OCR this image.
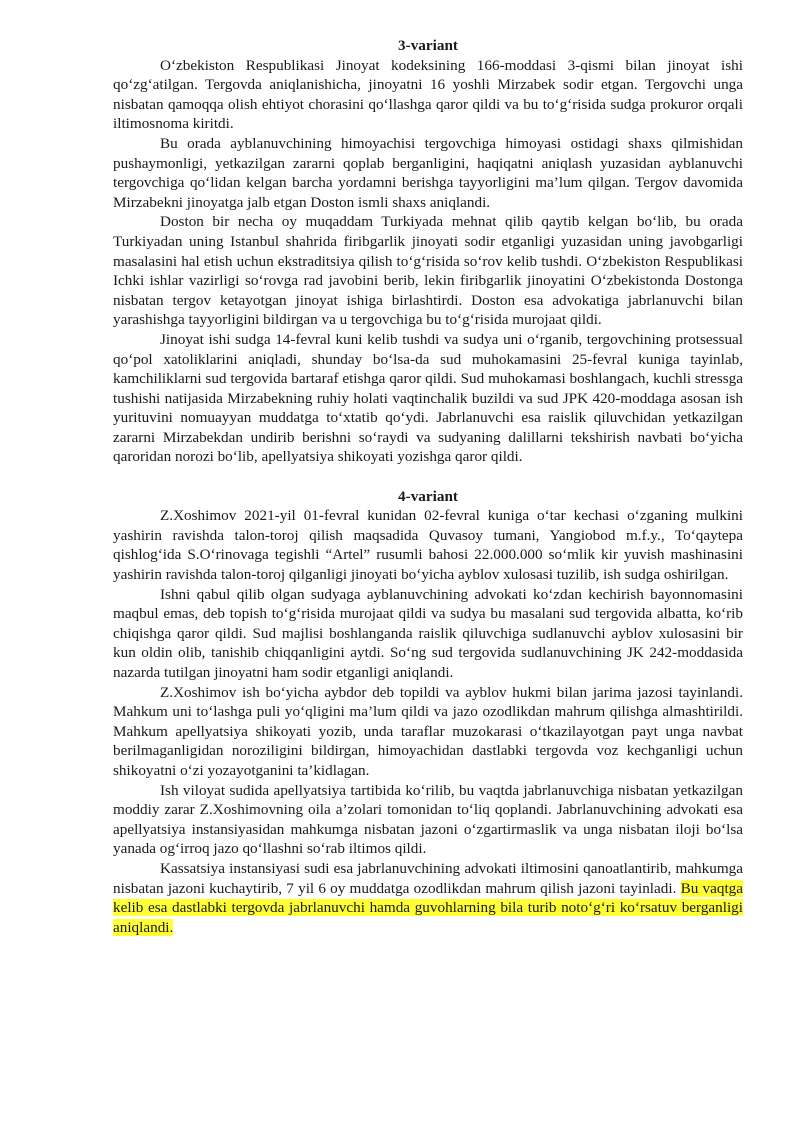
3-variant

O‘zbekiston Respublikasi Jinoyat kodeksining 166-moddasi 3-qismi bilan jinoyat ishi qo‘zg‘atilgan. Tergovda aniqlanishicha, jinoyatni 16 yoshli Mirzabek sodir etgan. Tergovchi unga nisbatan qamoqqa olish ehtiyot chorasini qo‘llashga qaror qildi va bu to‘g‘risida sudga prokuror orqali iltimosnoma kiritdi.

Bu orada ayblanuvchining himoyachisi tergovchiga himoyasi ostidagi shaxs qilmishidan pushaymonligi, yetkazilgan zararni qoplab berganligini, haqiqatni aniqlash yuzasidan ayblanuvchi tergovchiga qo‘lidan kelgan barcha yordamni berishga tayyorligini ma’lum qilgan. Tergov davomida Mirzabekni jinoyatga jalb etgan Doston ismli shaxs aniqlandi.

Doston bir necha oy muqaddam Turkiyada mehnat qilib qaytib kelgan bo‘lib, bu orada Turkiyadan uning Istanbul shahrida firibgarlik jinoyati sodir etganligi yuzasidan uning javobgarligi masalasini hal etish uchun ekstraditsiya qilish to‘g‘risida so‘rov kelib tushdi. O‘zbekiston Respublikasi Ichki ishlar vazirligi so‘rovga rad javobini berib, lekin firibgarlik jinoyatini O‘zbekistonda Dostonga nisbatan tergov ketayotgan jinoyat ishiga birlashtirdi. Doston esa advokatiga jabrlanuvchi bilan yarashishga tayyorligini bildirgan va u tergovchiga bu to‘g‘risida murojaat qildi.

Jinoyat ishi sudga 14-fevral kuni kelib tushdi va sudya uni o‘rganib, tergovchining protsessual qo‘pol xatoliklarini aniqladi, shunday bo‘lsa-da sud muhokamasini 25-fevral kuniga tayinlab, kamchiliklarni sud tergovida bartaraf etishga qaror qildi. Sud muhokamasi boshlangach, kuchli stressga tushishi natijasida Mirzabekning ruhiy holati vaqtinchalik buzildi va sud JPK 420-moddaga asosan ish yurituvini nomuayyan muddatga to‘xtatib qo‘ydi. Jabrlanuvchi esa raislik qiluvchidan yetkazilgan zararni Mirzabekdan undirib berishni so‘raydi va sudyaning dalillarni tekshirish navbati bo‘yicha qaroridan norozi bo‘lib, apellyatsiya shikoyati yozishga qaror qildi.

4-variant

Z.Xoshimov 2021-yil 01-fevral kunidan 02-fevral kuniga o‘tar kechasi o‘zganing mulkini yashirin ravishda talon-toroj qilish maqsadida Quvasoy tumani, Yangiobod m.f.y., To‘qaytepa qishlog‘ida S.O‘rinovaga tegishli “Artel” rusumli bahosi 22.000.000 so‘mlik kir yuvish mashinasini yashirin ravishda talon-toroj qilganligi jinoyati bo‘yicha ayblov xulosasi tuzilib, ish sudga oshirilgan.

Ishni qabul qilib olgan sudyaga ayblanuvchining advokati ko‘zdan kechirish bayonnomasini maqbul emas, deb topish to‘g‘risida murojaat qildi va sudya bu masalani sud tergovida albatta, ko‘rib chiqishga qaror qildi. Sud majlisi boshlanganda raislik qiluvchiga sudlanuvchi ayblov xulosasini bir kun oldin olib, tanishib chiqqanligini aytdi. So‘ng sud tergovida sudlanuvchining JK 242-moddasida nazarda tutilgan jinoyatni ham sodir etganligi aniqlandi.

Z.Xoshimov ish bo‘yicha aybdor deb topildi va ayblov hukmi bilan jarima jazosi tayinlandi. Mahkum uni to‘lashga puli yo‘qligini ma’lum qildi va jazo ozodlikdan mahrum qilishga almashtirildi. Mahkum apellyatsiya shikoyati yozib, unda taraflar muzokarasi o‘tkazilayotgan payt unga navbat berilmaganligidan noroziligini bildirgan, himoyachidan dastlabki tergovda voz kechganligi uchun shikoyatni o‘zi yozayotganini ta’kidlagan.

Ish viloyat sudida apellyatsiya tartibida ko‘rilib, bu vaqtda jabrlanuvchiga nisbatan yetkazilgan moddiy zarar Z.Xoshimovning oila a’zolari tomonidan to‘liq qoplandi. Jabrlanuvchining advokati esa apellyatsiya instansiyasidan mahkumga nisbatan jazoni o‘zgartirmaslik va unga nisbatan iloji bo‘lsa yanada og‘irroq jazo qo‘llashni so‘rab iltimos qildi.

Kassatsiya instansiyasi sudi esa jabrlanuvchining advokati iltimosini qanoatlantirib, mahkumga nisbatan jazoni kuchaytirib, 7 yil 6 oy muddatga ozodlikdan mahrum qilish jazoni tayinladi. Bu vaqtga kelib esa dastlabki tergovda jabrlanuvchi hamda guvohlarning bila turib noto‘g‘ri ko‘rsatuv berganligi aniqlandi.
